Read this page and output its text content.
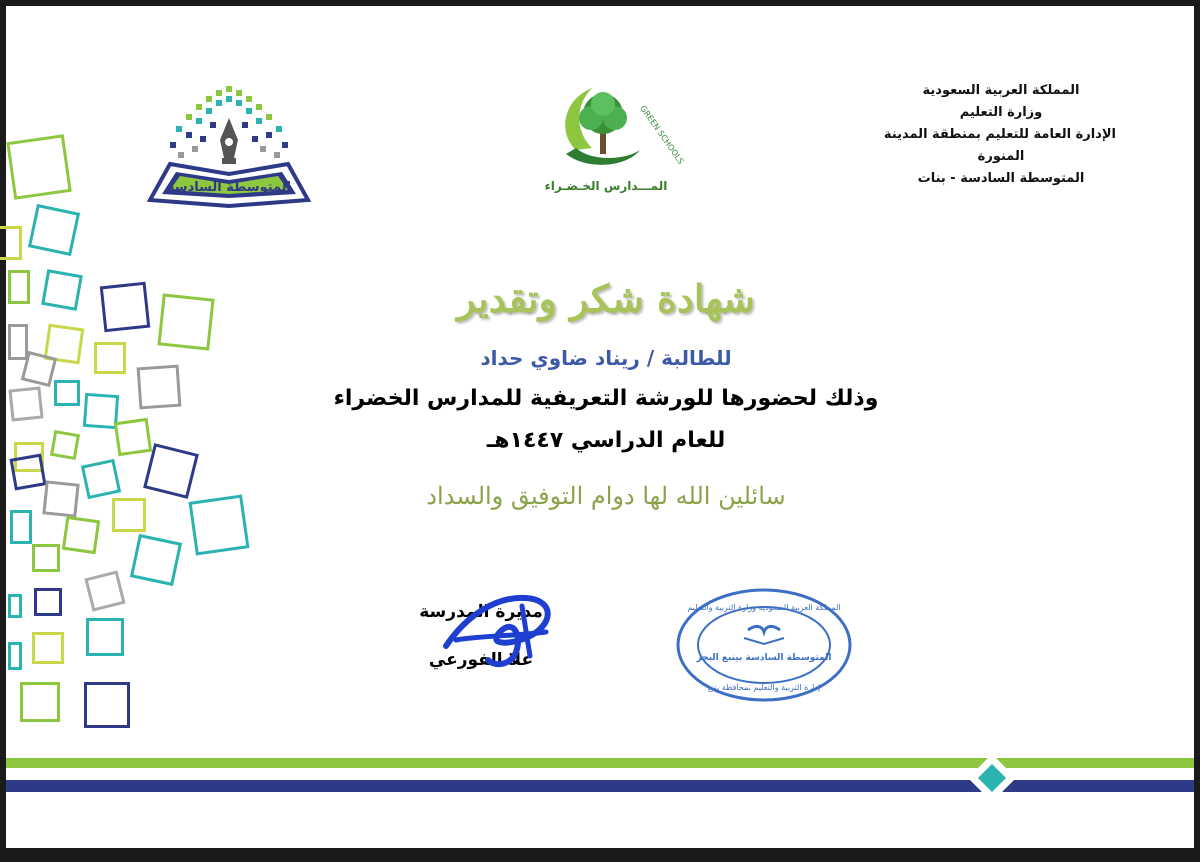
المتوسطة السادسة
GREEN SCHOOLS
المـــدارس الخـضـراء
المملكة العربية السعودية
وزارة التعليم
الإدارة العامة للتعليم بمنطقة المدينة
المنورة
المتوسطة السادسة - بنات
شهادة شكر وتقدير
للطالبة / ريناد ضاوي حداد
وذلك لحضورها للورشة التعريفية للمدارس الخضراء
للعام الدراسي ١٤٤٧هـ
سائلين الله لها دوام التوفيق والسداد
مديرة المدرسة
علا الفورعي
المملكة العربية السعودية وزارة التربية والتعليم
المتوسطة السادسة بينبع البحر
إدارة التربية والتعليم بمحافظة ينبع
